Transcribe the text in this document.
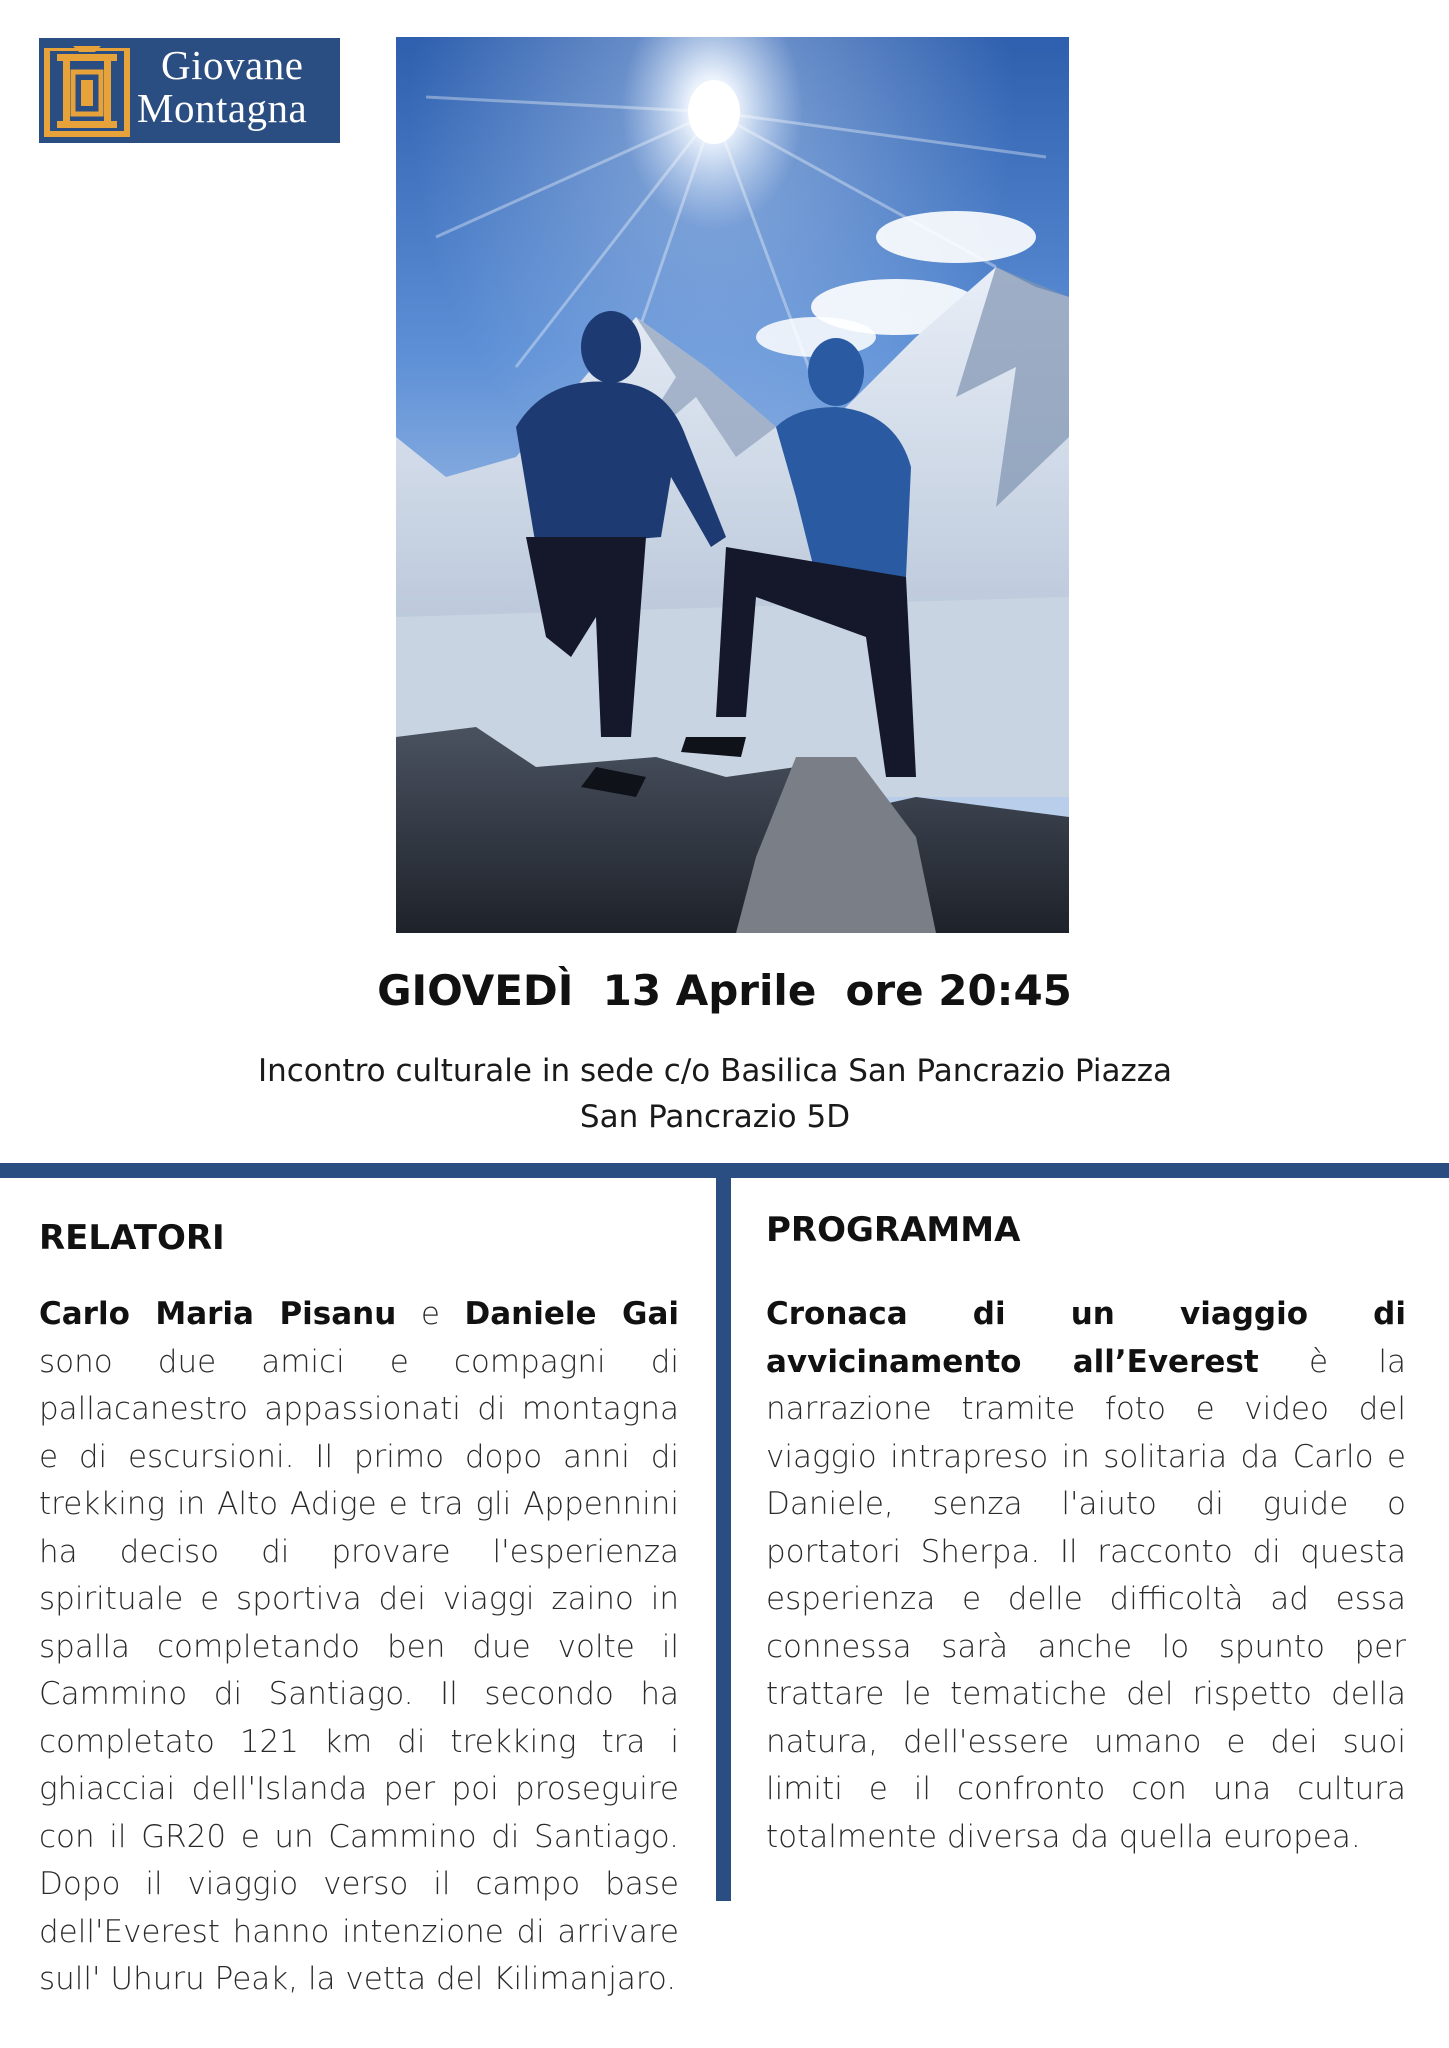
Giovane
Montagna
GIOVEDÌ  13 Aprile  ore 20:45
Incontro culturale in sede c/o Basilica San Pancrazio Piazza
San Pancrazio 5D
RELATORI
Carlo Maria Pisanu e Daniele Gai sono due amici e compagni di pallacanestro appassionati di montagna e di escursioni. Il primo dopo anni di trekking in Alto Adige e tra gli Appennini ha deciso di provare l'esperienza spirituale e sportiva dei viaggi zaino in spalla completando ben due volte il Cammino di Santiago. Il secondo ha completato 121 km di trekking tra i ghiacciai dell'Islanda per poi proseguire con il GR20 e un Cammino di Santiago. Dopo il viaggio verso il campo base dell'Everest hanno intenzione di arrivare sull' Uhuru Peak, la vetta del Kilimanjaro.
PROGRAMMA
Cronaca di un viaggio di avvicinamento all’Everest è la narrazione tramite foto e video del viaggio intrapreso in solitaria da Carlo e Daniele, senza l'aiuto di guide o portatori Sherpa. Il racconto di questa esperienza e delle difficoltà ad essa connessa sarà anche lo spunto per trattare le tematiche del rispetto della natura, dell'essere umano e dei suoi limiti e il confronto con una cultura totalmente diversa da quella europea.
